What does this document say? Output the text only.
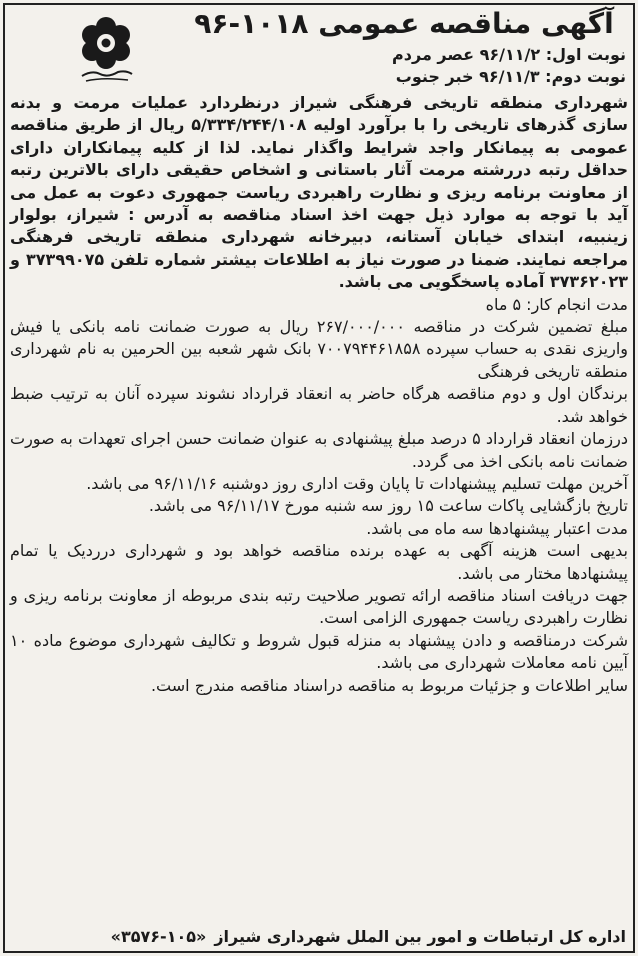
آگهی مناقصه عمومی ۱۰۱۸-۹۶

نوبت اول: ۹۶/۱۱/۲ عصر مردم

نوبت دوم: ۹۶/۱۱/۳ خبر جنوب

شهرداری منطقه تاریخی فرهنگی شیراز درنظردارد عملیات مرمت و بدنه سازی گذرهای تاریخی را با برآورد اولیه ۵/۳۳۴/۲۴۴/۱۰۸ ریال از طریق مناقصه عمومی به پیمانکار واجد شرایط واگذار نماید. لذا از کلیه پیمانکاران دارای حداقل رتبه دررشته مرمت آثار باستانی و اشخاص حقیقی دارای بالاترین رتبه از معاونت برنامه ریزی و نظارت راهبردی ریاست جمهوری دعوت به عمل می آید با توجه به موارد ذیل جهت اخذ اسناد مناقصه به آدرس : شیراز، بولوار زینبیه، ابتدای خیابان آستانه، دبیرخانه شهرداری منطقه تاریخی فرهنگی مراجعه نمایند. ضمنا در صورت نیاز به اطلاعات بیشتر شماره تلفن ۳۷۳۹۹۰۷۵ و ۳۷۳۶۲۰۲۳ آماده پاسخگویی می باشد.

مدت انجام کار: ۵ ماه

مبلغ تضمین شرکت در مناقصه ۲۶۷/۰۰۰/۰۰۰ ریال به صورت ضمانت نامه بانکی یا فیش واریزی نقدی به حساب سپرده ۷۰۰۷۹۴۴۶۱۸۵۸ بانک شهر شعبه بین الحرمین به نام شهرداری منطقه تاریخی فرهنگی

برندگان اول و دوم مناقصه هرگاه حاضر به انعقاد قرارداد نشوند سپرده آنان به ترتیب ضبط خواهد شد.

درزمان انعقاد قرارداد ۵ درصد مبلغ پیشنهادی به عنوان ضمانت حسن اجرای تعهدات به صورت ضمانت نامه بانکی اخذ می گردد.

آخرین مهلت تسلیم پیشنهادات تا پایان وقت اداری روز دوشنبه ۹۶/۱۱/۱۶ می باشد.

تاریخ بازگشایی پاکات ساعت ۱۵ روز سه شنبه مورخ ۹۶/۱۱/۱۷ می باشد.

مدت اعتبار پیشنهادها سه ماه می باشد.

بدیهی است هزینه آگهی به عهده برنده مناقصه خواهد بود و شهرداری درردیک یا تمام پیشنهادها مختار می باشد.

جهت دریافت اسناد مناقصه ارائه تصویر صلاحیت رتبه بندی مربوطه از معاونت برنامه ریزی و نظارت راهبردی ریاست جمهوری الزامی است.

شرکت درمناقصه و دادن پیشنهاد به منزله قبول شروط و تکالیف شهرداری موضوع ماده ۱۰ آیین نامه معاملات شهرداری می باشد.

سایر اطلاعات و جزئیات مربوط به مناقصه دراسناد مناقصه مندرج است.

اداره کل ارتباطات و امور بین الملل شهرداری شیراز«۱۰۵-۳۵۷۶»
